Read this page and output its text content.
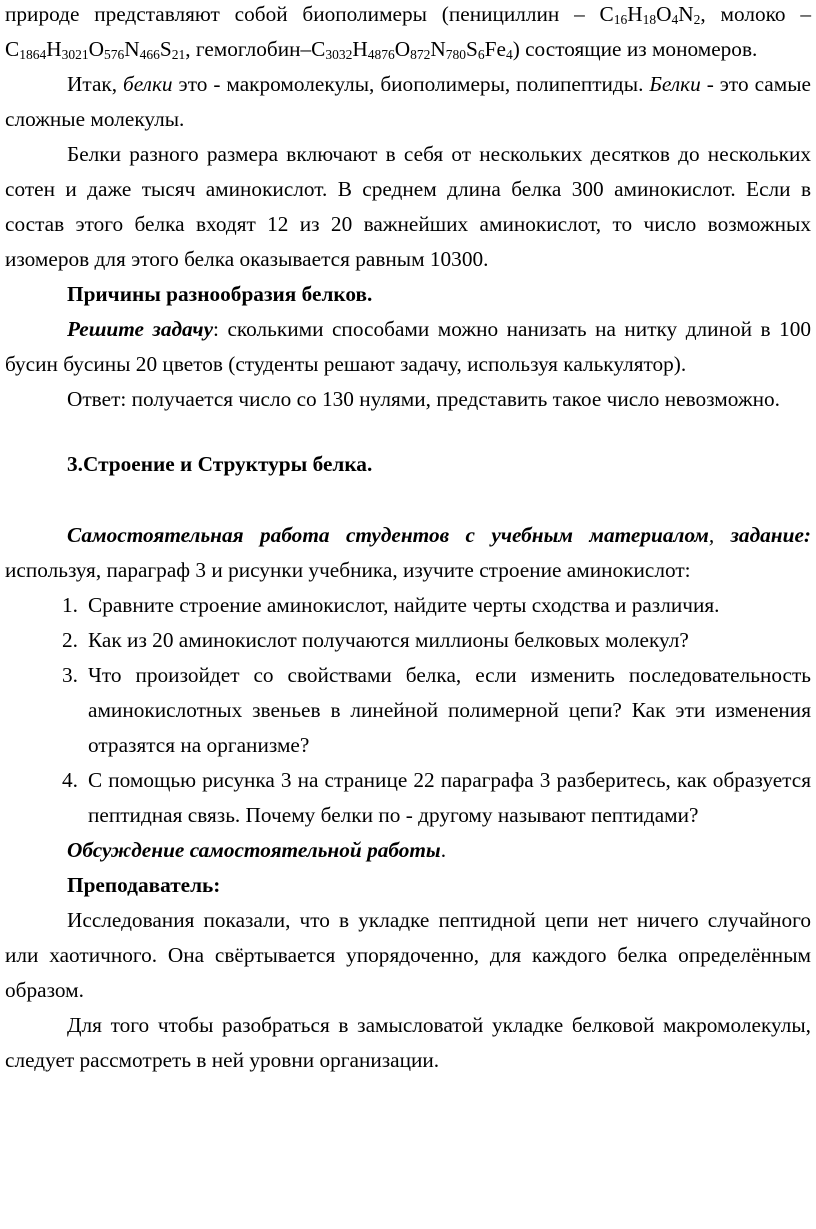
природе представляют собой биополимеры (пенициллин – $C_{16}H_{18}O_4N_2$, молоко – $C_{1864}H_{3021}O_{576}N_{466}S_{21}$, гемоглобин–$C_{3032}H_{4876}O_{872}N_{780}S_6Fe_4$) состоящие из мономеров.

Итак, белки это - макромолекулы, биополимеры, полипептиды. Белки - это самые сложные молекулы.

Белки разного размера включают в себя от нескольких десятков до нескольких сотен и даже тысяч аминокислот. В среднем длина белка 300 аминокислот. Если в состав этого белка входят 12 из 20 важнейших аминокислот, то число возможных изомеров для этого белка оказывается равным 10300.

Причины разнообразия белков.

Решите задачу: сколькими способами можно нанизать на нитку длиной в 100 бусин бусины 20 цветов (студенты решают задачу, используя калькулятор).

Ответ: получается число со 130 нулями, представить такое число невозможно.

3.Строение и Структуры белка.

Самостоятельная работа студентов с учебным материалом, задание: используя, параграф 3 и рисунки учебника, изучите строение аминокислот:

1. Сравните строение аминокислот, найдите черты сходства и различия.
2. Как из 20 аминокислот получаются миллионы белковых молекул?
3. Что произойдет со свойствами белка, если изменить последовательность аминокислотных звеньев в линейной полимерной цепи? Как эти изменения отразятся на организме?
4. С помощью рисунка 3 на странице 22 параграфа 3 разберитесь, как образуется пептидная связь. Почему белки по - другому называют пептидами?

Обсуждение самостоятельной работы.

Преподаватель:

Исследования показали, что в укладке пептидной цепи нет ничего случайного или хаотичного. Она свёртывается упорядоченно, для каждого белка определённым образом.

Для того чтобы разобраться в замысловатой укладке белковой макромолекулы, следует рассмотреть в ней уровни организации.
